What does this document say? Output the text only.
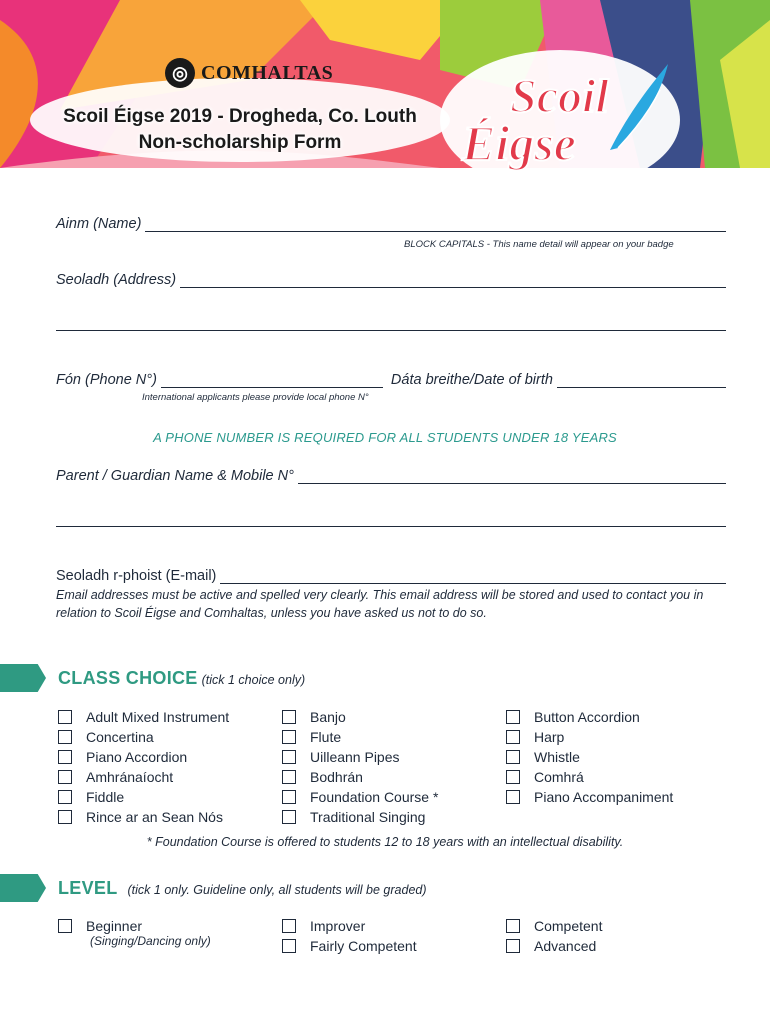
◎ COMHALTAS
Scoil Éigse 2019 - Drogheda, Co. Louth
Non-scholarship Form
Scoil
Éigse
Ainm (Name)
BLOCK CAPITALS - This name detail will appear on your badge
Seoladh (Address)
Fón (Phone N°)	Dáta breithe/Date of birth
International applicants please provide local phone N°
A PHONE NUMBER IS REQUIRED FOR ALL STUDENTS UNDER 18 YEARS
Parent / Guardian Name & Mobile N°
Seoladh r-phoist (E-mail)
Email addresses must be active and spelled very clearly. This email address will be stored and used to contact you in relation to Scoil Éigse and Comhaltas, unless you have asked us not to do so.
CLASS CHOICE (tick 1 choice only)
Adult Mixed Instrument
Concertina
Piano Accordion
Amhránaíocht
Fiddle
Rince ar an Sean Nós
Banjo
Flute
Uilleann Pipes
Bodhrán
Foundation Course *
Traditional Singing
Button Accordion
Harp
Whistle
Comhrá
Piano Accompaniment
* Foundation Course is offered to students 12 to 18 years with an intellectual disability.
LEVEL (tick 1 only. Guideline only, all students will be graded)
Beginner
(Singing/Dancing only)
Improver
Fairly Competent
Competent
Advanced
